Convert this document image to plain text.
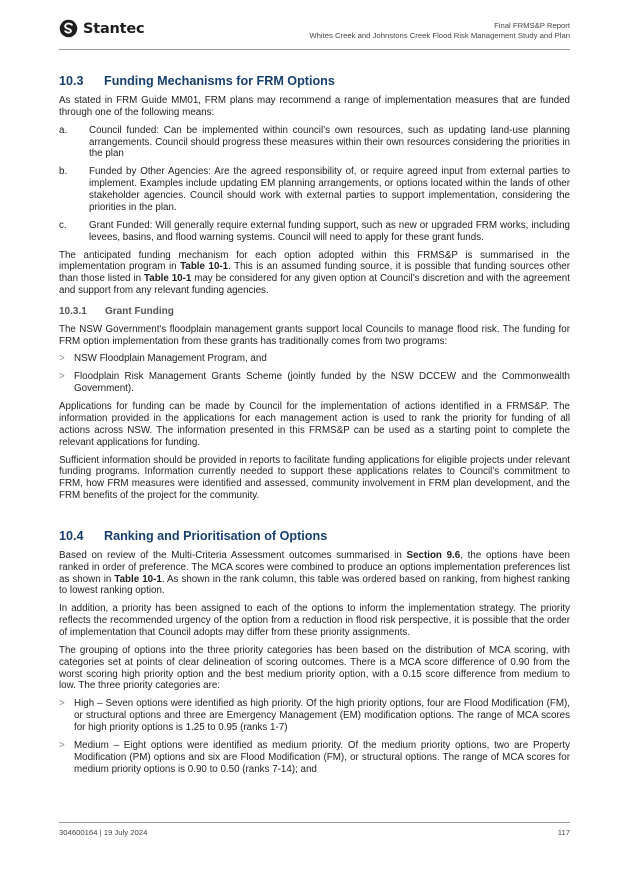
Stantec	Final FRMS&P Report
Whites Creek and Johnstons Creek Flood Risk Management Study and Plan
10.3 Funding Mechanisms for FRM Options

As stated in FRM Guide MM01, FRM plans may recommend a range of implementation measures that are funded through one of the following means:

a.	Council funded: Can be implemented within council’s own resources, such as updating land-use planning arrangements. Council should progress these measures within their own resources considering the priorities in the plan
b.	Funded by Other Agencies: Are the agreed responsibility of, or require agreed input from external parties to implement. Examples include updating EM planning arrangements, or options located within the lands of other stakeholder agencies. Council should work with external parties to support implementation, considering the priorities in the plan.
c.	Grant Funded: Will generally require external funding support, such as new or upgraded FRM works, including levees, basins, and flood warning systems. Council will need to apply for these grant funds.

The anticipated funding mechanism for each option adopted within this FRMS&P is summarised in the implementation program in Table 10-1. This is an assumed funding source, it is possible that funding sources other than those listed in Table 10-1 may be considered for any given option at Council’s discretion and with the agreement and support from any relevant funding agencies.

10.3.1 Grant Funding

The NSW Government's floodplain management grants support local Councils to manage flood risk. The funding for FRM option implementation from these grants has traditionally comes from two programs:

> NSW Floodplain Management Program, and
> Floodplain Risk Management Grants Scheme (jointly funded by the NSW DCCEW and the Commonwealth Government).

Applications for funding can be made by Council for the implementation of actions identified in a FRMS&P. The information provided in the applications for each management action is used to rank the priority for funding of all actions across NSW. The information presented in this FRMS&P can be used as a starting point to complete the relevant applications for funding.

Sufficient information should be provided in reports to facilitate funding applications for eligible projects under relevant funding programs. Information currently needed to support these applications relates to Council’s commitment to FRM, how FRM measures were identified and assessed, community involvement in FRM plan development, and the FRM benefits of the project for the community.

10.4 Ranking and Prioritisation of Options

Based on review of the Multi-Criteria Assessment outcomes summarised in Section 9.6, the options have been ranked in order of preference. The MCA scores were combined to produce an options implementation preferences list as shown in Table 10-1. As shown in the rank column, this table was ordered based on ranking, from highest ranking to lowest ranking option.

In addition, a priority has been assigned to each of the options to inform the implementation strategy. The priority reflects the recommended urgency of the option from a reduction in flood risk perspective, it is possible that the order of implementation that Council adopts may differ from these priority assignments.

The grouping of options into the three priority categories has been based on the distribution of MCA scoring, with categories set at points of clear delineation of scoring outcomes. There is a MCA score difference of 0.90 from the worst scoring high priority option and the best medium priority option, with a 0.15 score difference from medium to low. The three priority categories are:

> High – Seven options were identified as high priority. Of the high priority options, four are Flood Modification (FM), or structural options and three are Emergency Management (EM) modification options. The range of MCA scores for high priority options is 1.25 to 0.95 (ranks 1-7)
> Medium – Eight options were identified as medium priority. Of the medium priority options, two are Property Modification (PM) options and six are Flood Modification (FM), or structural options. The range of MCA scores for medium priority options is 0.90 to 0.50 (ranks 7-14); and
304600164 | 19 July 2024	117
